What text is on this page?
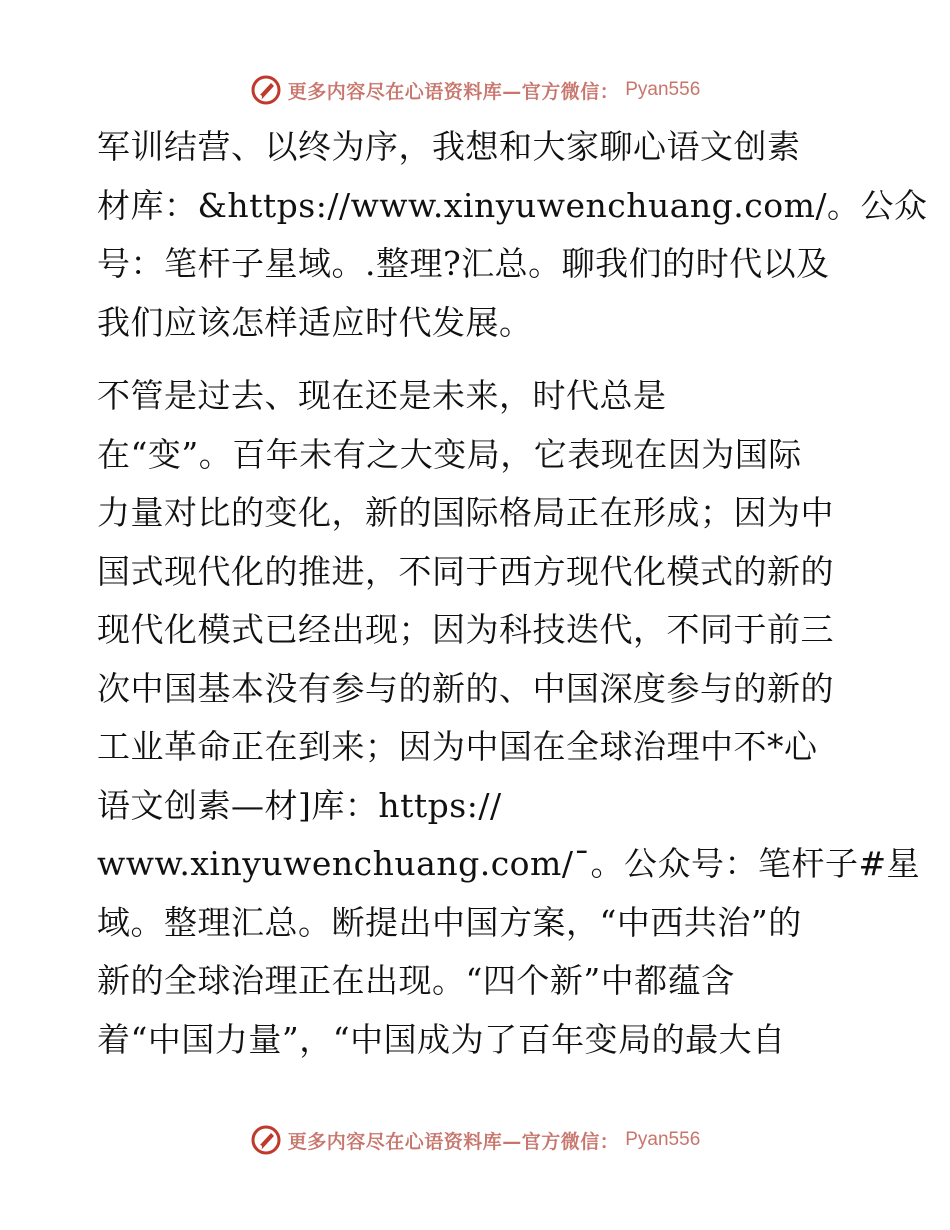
更多内容尽在心语资料库—官方微信： Pyan556
军训结营、以终为序，我想和大家聊心语文创素
材库：&https://www.xinyuwenchuang.com/。公众
号：笔杆子星域。.整理?汇总。聊我们的时代以及
我们应该怎样适应时代发展。
不管是过去、现在还是未来，时代总是
在“变”。百年未有之大变局，它表现在因为国际
力量对比的变化，新的国际格局正在形成；因为中
国式现代化的推进，不同于西方现代化模式的新的
现代化模式已经出现；因为科技迭代，不同于前三
次中国基本没有参与的新的、中国深度参与的新的
工业革命正在到来；因为中国在全球治理中不*心
语文创素—材]库：https://
www.xinyuwenchuang.com/¯。公众号：笔杆子#星
域。整理汇总。断提出中国方案，“中西共治”的
新的全球治理正在出现。“四个新”中都蕴含
着“中国力量”，“中国成为了百年变局的最大自
更多内容尽在心语资料库—官方微信： Pyan556
